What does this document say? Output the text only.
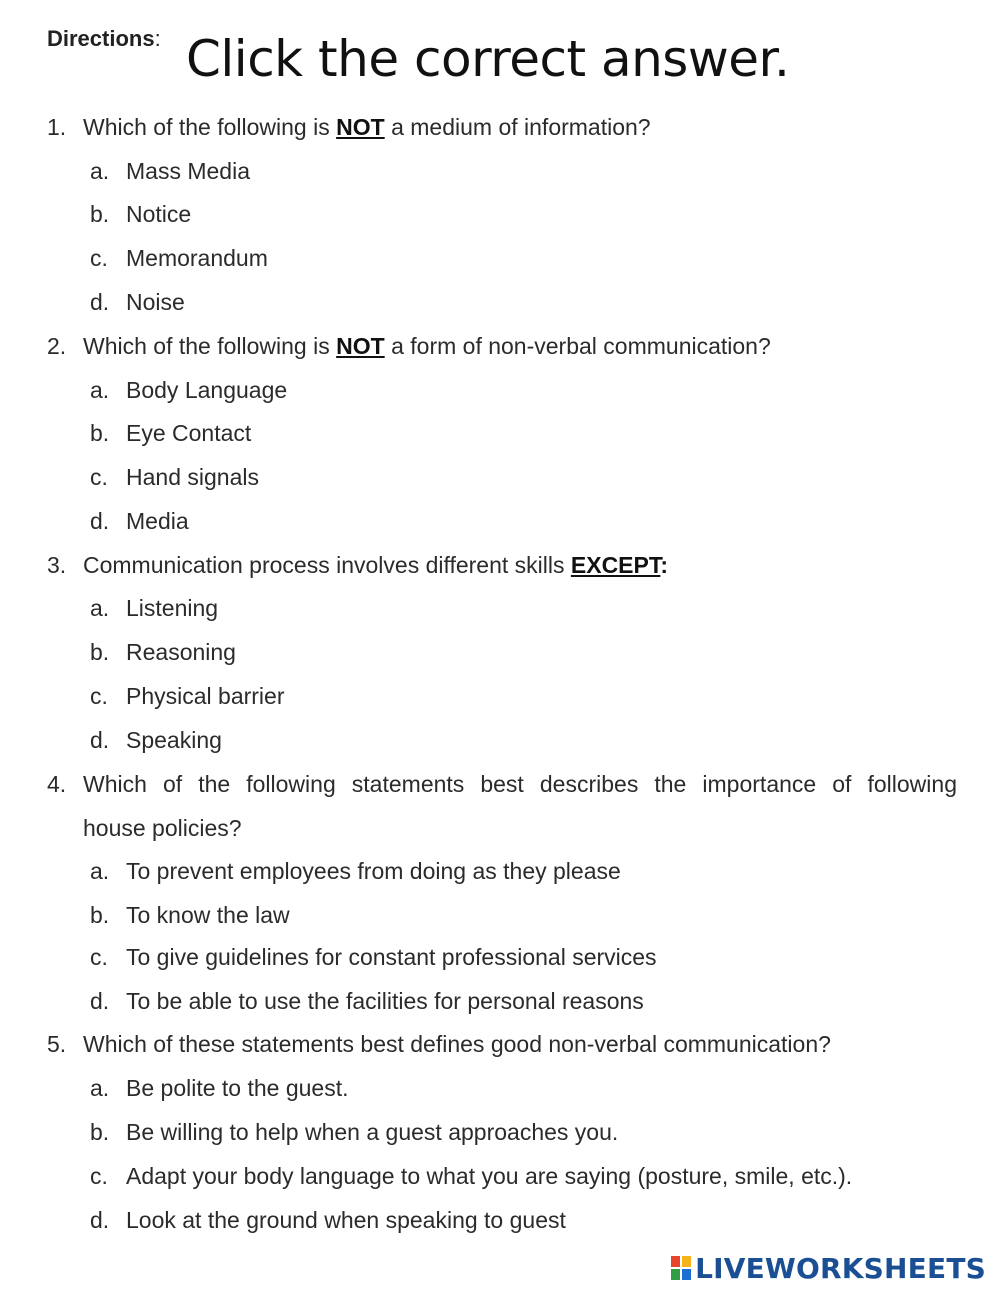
Directions: Click the correct answer.
1. Which of the following is NOT a medium of information?
a. Mass Media
b. Notice
c. Memorandum
d. Noise
2. Which of the following is NOT a form of non-verbal communication?
a. Body Language
b. Eye Contact
c. Hand signals
d. Media
3. Communication process involves different skills EXCEPT:
a. Listening
b. Reasoning
c. Physical barrier
d. Speaking
4. Which of the following statements best describes the importance of following
house policies?
a. To prevent employees from doing as they please
b. To know the law
c. To give guidelines for constant professional services
d. To be able to use the facilities for personal reasons
5. Which of these statements best defines good non-verbal communication?
a. Be polite to the guest.
b. Be willing to help when a guest approaches you.
c. Adapt your body language to what you are saying (posture, smile, etc.).
d. Look at the ground when speaking to guest
LIVEWORKSHEETS
